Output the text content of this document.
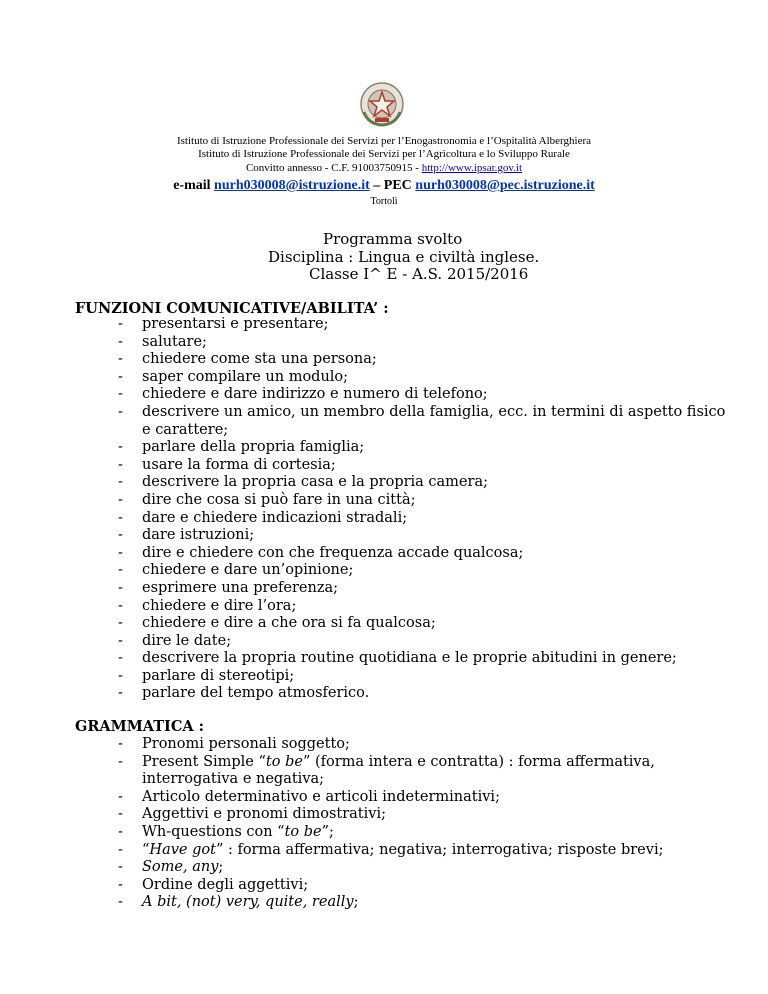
Istituto di Istruzione Professionale dei Servizi per l’Enogastronomia e l’Ospitalità Alberghiera
Istituto di Istruzione Professionale dei Servizi per l’Agricoltura e lo Sviluppo Rurale
Convitto annesso - C.F. 91003750915 - http://www.ipsar.gov.it
e-mail nurh030008@istruzione.it – PEC nurh030008@pec.istruzione.it
Tortolì
Programma svolto
Disciplina : Lingua e civiltà inglese.
Classe I^ E - A.S. 2015/2016
FUNZIONI COMUNICATIVE/ABILITA’ :
- presentarsi e presentare;
- salutare;
- chiedere come sta una persona;
- saper compilare un modulo;
- chiedere e dare indirizzo e numero di telefono;
- descrivere un amico, un membro della famiglia, ecc. in termini di aspetto fisico e carattere;
- parlare della propria famiglia;
- usare la forma di cortesia;
- descrivere la propria casa e la propria camera;
- dire che cosa si può fare in una città;
- dare e chiedere indicazioni stradali;
- dare istruzioni;
- dire e chiedere con che frequenza accade qualcosa;
- chiedere e dare un’opinione;
- esprimere una preferenza;
- chiedere e dire l’ora;
- chiedere e dire a che ora si fa qualcosa;
- dire le date;
- descrivere la propria routine quotidiana e le proprie abitudini in genere;
- parlare di stereotipi;
- parlare del tempo atmosferico.
GRAMMATICA :
- Pronomi personali soggetto;
- Present Simple “to be” (forma intera e contratta) : forma affermativa, interrogativa e negativa;
- Articolo determinativo e articoli indeterminativi;
- Aggettivi e pronomi dimostrativi;
- Wh-questions con “to be”;
- “Have got” : forma affermativa; negativa; interrogativa; risposte brevi;
- Some, any;
- Ordine degli aggettivi;
- A bit, (not) very, quite, really;
